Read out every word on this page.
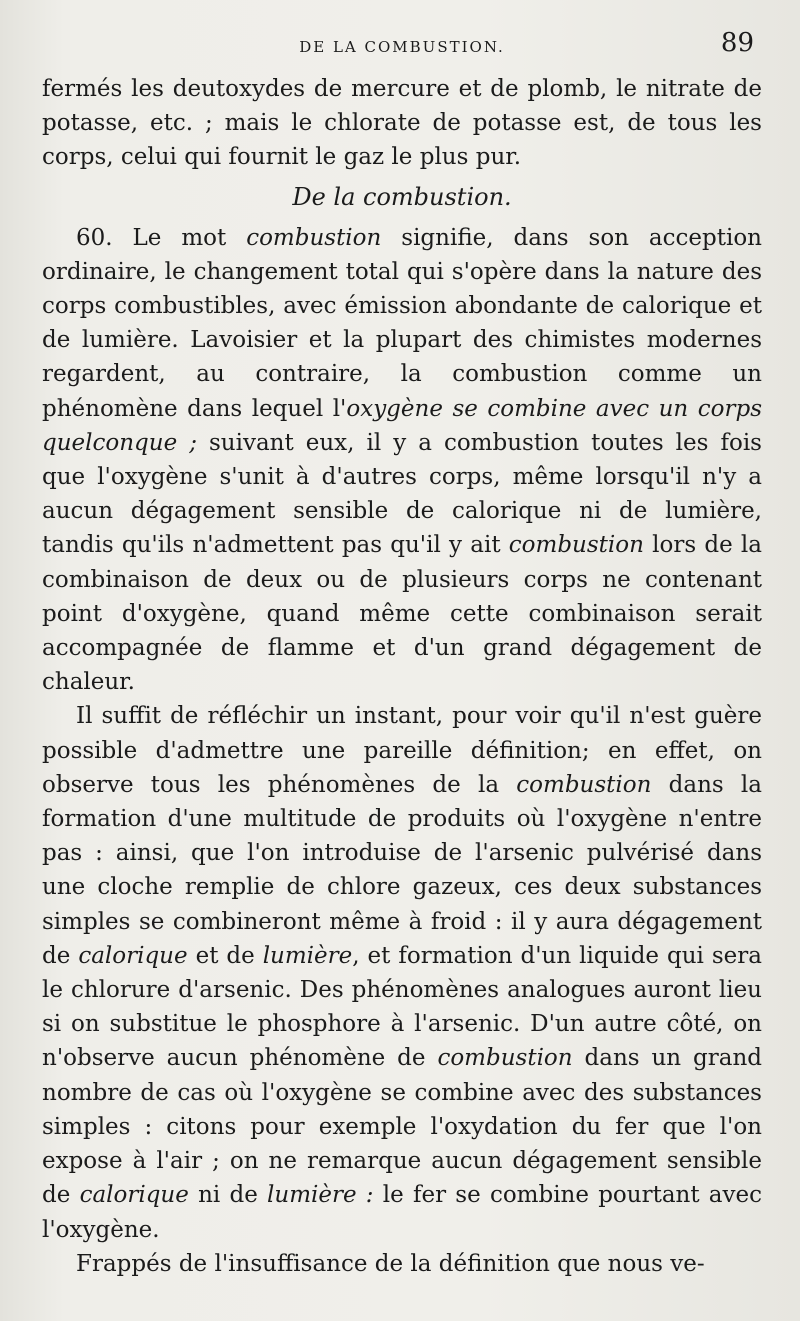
DE LA COMBUSTION.	89

fermés les deutoxydes de mercure et de plomb, le nitrate de potasse, etc. ; mais le chlorate de potasse est, de tous les corps, celui qui fournit le gaz le plus pur.

De la combustion.

60. Le mot combustion signifie, dans son acception ordinaire, le changement total qui s'opère dans la nature des corps combustibles, avec émission abondante de calorique et de lumière. Lavoisier et la plupart des chimistes modernes regardent, au contraire, la combustion comme un phénomène dans lequel l'oxygène se combine avec un corps quelconque ; suivant eux, il y a combustion toutes les fois que l'oxygène s'unit à d'autres corps, même lorsqu'il n'y a aucun dégagement sensible de calorique ni de lumière, tandis qu'ils n'admettent pas qu'il y ait combustion lors de la combinaison de deux ou de plusieurs corps ne contenant point d'oxygène, quand même cette combinaison serait accompagnée de flamme et d'un grand dégagement de chaleur.

Il suffit de réfléchir un instant, pour voir qu'il n'est guère possible d'admettre une pareille définition; en effet, on observe tous les phénomènes de la combustion dans la formation d'une multitude de produits où l'oxygène n'entre pas : ainsi, que l'on introduise de l'arsenic pulvérisé dans une cloche remplie de chlore gazeux, ces deux substances simples se combineront même à froid : il y aura dégagement de calorique et de lumière, et formation d'un liquide qui sera le chlorure d'arsenic. Des phénomènes analogues auront lieu si on substitue le phosphore à l'arsenic. D'un autre côté, on n'observe aucun phénomène de combustion dans un grand nombre de cas où l'oxygène se combine avec des substances simples : citons pour exemple l'oxydation du fer que l'on expose à l'air ; on ne remarque aucun dégagement sensible de calorique ni de lumière : le fer se combine pourtant avec l'oxygène.

Frappés de l'insuffisance de la définition que nous ve-
